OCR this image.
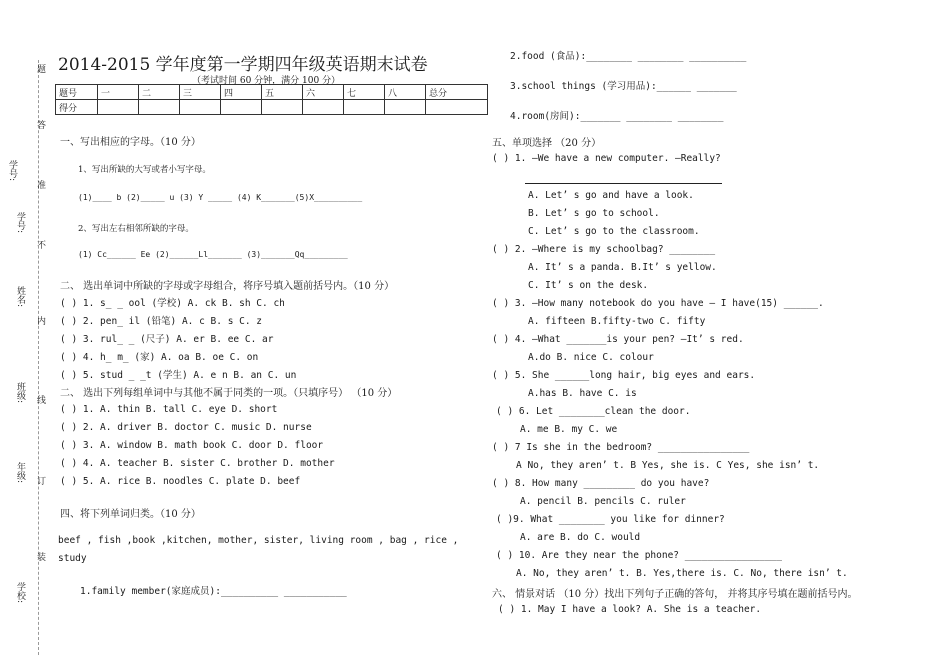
题
答
学号:
准
学号:
不
姓名:
内
班级: 线
年级: 订
装
学校:
2014-2015 学年度第一学期四年级英语期末试卷
（考试时间 60 分钟，满分 100 分）
题号	一	二	三	四	五	六	七	八	总分
得分									
一、写出相应的字母。（10 分）
1、写出所缺的大写或者小写字母。
(1)____ b (2)_____ u (3) Y _____ (4) K_______(5)X__________
2、写出左右相邻所缺的字母。
(1) Cc______ Ee (2)______Ll_______ (3)_______Qq_________
二、 选出单词中所缺的字母或字母组合，将序号填入题前括号内。（10 分）
( ) 1. s_ _ ool (学校) A. ck B. sh C. ch
( ) 2. pen_ il (铅笔) A. c B. s C. z
( ) 3. rul_ _ (尺子) A. er B. ee C. ar
( ) 4. h_ m_ (家) A. oa B. oe C. on
( ) 5. stud _ _t (学生) A. e n B. an C. un
二、 选出下列每组单词中与其他不属于同类的一项。（只填序号） （10 分）
( ) 1. A. thin B. tall C. eye D. short
( ) 2. A. driver B. doctor C. music D. nurse
( ) 3. A. window B. math book C. door D. floor
( ) 4. A. teacher B. sister C. brother D. mother
( ) 5. A. rice B. noodles C. plate D. beef
四、将下列单词归类。（10 分）
beef , fish ,book ,kitchen, mother, sister, living room , bag , rice ,
study
1.family member(家庭成员):__________ ___________
2.food (食品):________ ________ __________
3.school things (学习用品):______ _______
4.room(房间):_______ ________ ________
五、单项选择 （20 分）
( ) 1. —We have a new computer. —Really?
A. Let’ s go and have a look.
B. Let’ s go to school.
C. Let’ s go to the classroom.
( ) 2. —Where is my schoolbag? ________
A. It’ s a panda. B.It’ s yellow.
C. It’ s on the desk.
( ) 3. —How many notebook do you have — I have(15) ______.
A. fifteen B.fifty-two C. fifty
( ) 4. —What _______is your pen? —It’ s red.
A.do B. nice C. colour
( ) 5. She ______long hair, big eyes and ears.
A.has B. have C. is
( ) 6. Let ________clean the door.
A. me B. my C. we
( ) 7 Is she in the bedroom? ________________
A No, they aren’ t. B Yes, she is. C Yes, she isn’ t.
( ) 8. How many _________ do you have?
A. pencil B. pencils C. ruler
( )9. What ________ you like for dinner?
A. are B. do C. would
( ) 10. Are they near the phone? _________________
A. No, they aren’ t. B. Yes,there is. C. No, there isn’ t.
六、 情景对话 （10 分）找出下列句子正确的答句， 并将其序号填在题前括号内。
( ) 1. May I have a look? A. She is a teacher.
